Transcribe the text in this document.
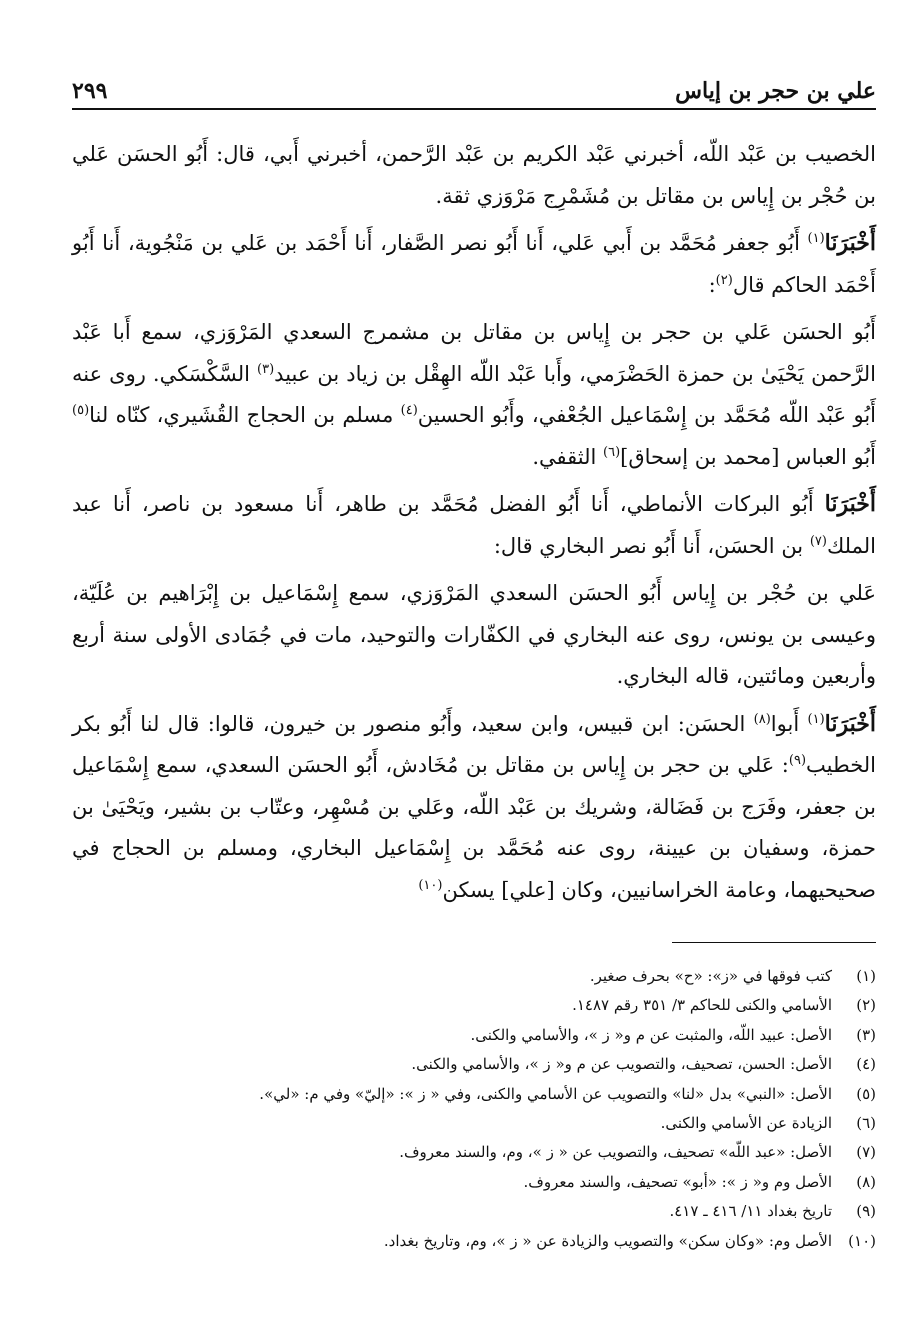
علي بن حجر بن إياس
٢٩٩

الخصيب بن عَبْد اللّه، أخبرني عَبْد الكريم بن عَبْد الرَّحمن، أخبرني أَبي، قال: أَبُو الحسَن عَلي بن حُجْر بن إِياس بن مقاتل بن مُشَمْرِج مَرْوَزي ثقة.

أَخْبَرَنَا$^{(١)}$ أَبُو جعفر مُحَمَّد بن أَبي عَلي، أَنا أَبُو نصر الصَّفار، أَنا أَحْمَد بن عَلي بن مَنْجُوية، أَنا أَبُو أَحْمَد الحاكم قال$^{(٢)}$:

أَبُو الحسَن عَلي بن حجر بن إِياس بن مقاتل بن مشمرج السعدي المَرْوَزي، سمع أَبا عَبْد الرَّحمن يَحْيَىٰ بن حمزة الحَضْرَمي، وأَبا عَبْد اللّه الهِقْل بن زياد بن عبيد$^{(٣)}$ السَّكْسَكي. روى عنه أَبُو عَبْد اللّه مُحَمَّد بن إِسْمَاعيل الجُعْفي، وأَبُو الحسين$^{(٤)}$ مسلم بن الحجاج القُشَيري، كنّاه لنا$^{(٥)}$ أَبُو العباس [محمد بن إسحاق]$^{(٦)}$ الثقفي.

أَخْبَرَنَا أَبُو البركات الأنماطي، أَنا أَبُو الفضل مُحَمَّد بن طاهر، أَنا مسعود بن ناصر، أَنا عبد الملك$^{(٧)}$ بن الحسَن، أَنا أَبُو نصر البخاري قال:

عَلي بن حُجْر بن إِياس أَبُو الحسَن السعدي المَرْوَزي، سمع إِسْمَاعيل بن إِبْرَاهيم بن عُلَيّة، وعيسى بن يونس، روى عنه البخاري في الكفّارات والتوحيد، مات في جُمَادى الأولى سنة أربع وأربعين ومائتين، قاله البخاري.

أَخْبَرَنَا$^{(١)}$ أَبوا$^{(٨)}$ الحسَن: ابن قبيس، وابن سعيد، وأَبُو منصور بن خيرون، قالوا: قال لنا أَبُو بكر الخطيب$^{(٩)}$: عَلي بن حجر بن إِياس بن مقاتل بن مُخَادش، أَبُو الحسَن السعدي، سمع إِسْمَاعيل بن جعفر، وفَرَج بن فَضَالة، وشريك بن عَبْد اللّه، وعَلي بن مُسْهِر، وعتّاب بن بشير، ويَحْيَىٰ بن حمزة، وسفيان بن عيينة، روى عنه مُحَمَّد بن إِسْمَاعيل البخاري، ومسلم بن الحجاج في صحيحيهما، وعامة الخراسانيين، وكان [علي] يسكن$^{(١٠)}$

(١)
كتب فوقها في «ز»: «ح» بحرف صغير.
(٢)
الأسامي والكنى للحاكم ٣/ ٣٥١ رقم ١٤٨٧.
(٣)
الأصل: عبيد اللّه، والمثبت عن م و« ز »، والأسامي والكنى.
(٤)
الأصل: الحسن، تصحيف، والتصويب عن م و« ز »، والأسامي والكنى.
(٥)
الأصل: «النبي» بدل «لنا» والتصويب عن الأسامي والكنى، وفي « ز »: «إليّ» وفي م: «لي».
(٦)
الزيادة عن الأسامي والكنى.
(٧)
الأصل: «عبد اللّه» تصحيف، والتصويب عن « ز »، وم، والسند معروف.
(٨)
الأصل وم و« ز »: «أبو» تصحيف، والسند معروف.
(٩)
تاريخ بغداد ١١/ ٤١٦ ـ ٤١٧.
(١٠)
الأصل وم: «وكان سكن» والتصويب والزيادة عن « ز »، وم، وتاريخ بغداد.
